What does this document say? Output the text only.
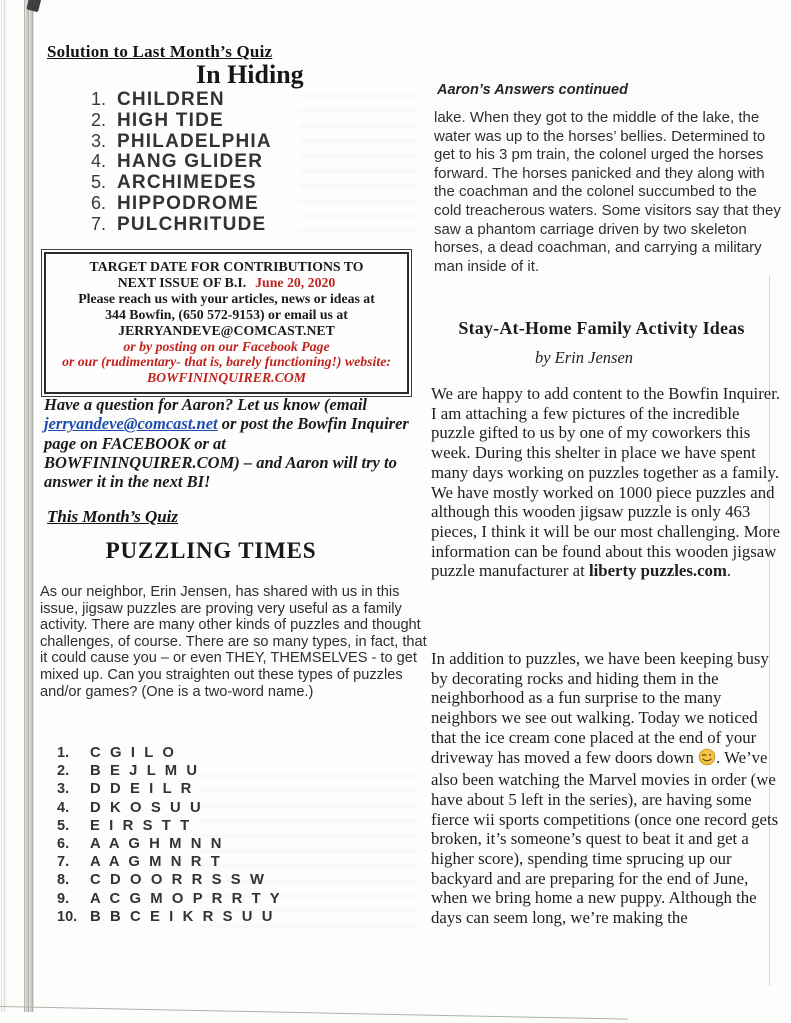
Solution to Last Month’s Quiz
In Hiding
1. CHILDREN
2. HIGH TIDE
3. PHILADELPHIA
4. HANG GLIDER
5. ARCHIMEDES
6. HIPPODROME
7. PULCHRITUDE
TARGET DATE FOR CONTRIBUTIONS TO
NEXT ISSUE OF B.I. June 20, 2020
Please reach us with your articles, news or ideas at
344 Bowfin, (650 572-9153) or email us at
JERRYANDEVE@COMCAST.NET
or by posting on our Facebook Page
or our (rudimentary- that is, barely functioning!) website:
BOWFININQUIRER.COM
Have a question for Aaron? Let us know (email jerryandeve@comcast.net or post the Bowfin Inquirer page on FACEBOOK or at BOWFININQUIRER.COM) – and Aaron will try to answer it in the next BI!
This Month’s Quiz
PUZZLING TIMES
As our neighbor, Erin Jensen, has shared with us in this issue, jigsaw puzzles are proving very useful as a family activity. There are many other kinds of puzzles and thought challenges, of course. There are so many types, in fact, that it could cause you – or even THEY, THEMSELVES - to get mixed up. Can you straighten out these types of puzzles and/or games? (One is a two-word name.)
1.	C G I L O
2.	B E J L M U
3.	D D E I L R
4.	D K O S U U
5.	E I R S T T
6.	A A G H M N N
7.	A A G M N R T
8.	C D O O R R S S W
9.	A C G M O P R R T Y
10. B B C E I K R S U U
Aaron’s Answers continued
lake. When they got to the middle of the lake, the water was up to the horses’ bellies. Determined to get to his 3 pm train, the colonel urged the horses forward. The horses panicked and they along with the coachman and the colonel succumbed to the cold treacherous waters. Some visitors say that they saw a phantom carriage driven by two skeleton horses, a dead coachman, and carrying a military man inside of it.
Stay-At-Home Family Activity Ideas
by Erin Jensen
We are happy to add content to the Bowfin Inquirer. I am attaching a few pictures of the incredible puzzle gifted to us by one of my coworkers this week. During this shelter in place we have spent many days working on puzzles together as a family. We have mostly worked on 1000 piece puzzles and although this wooden jigsaw puzzle is only 463 pieces, I think it will be our most challenging. More information can be found about this wooden jigsaw puzzle manufacturer at liberty puzzles.com.
In addition to puzzles, we have been keeping busy by decorating rocks and hiding them in the neighborhood as a fun surprise to the many neighbors we see out walking. Today we noticed that the ice cream cone placed at the end of your driveway has moved a few doors down . We’ve also been watching the Marvel movies in order (we have about 5 left in the series), are having some fierce wii sports competitions (once one record gets broken, it’s someone’s quest to beat it and get a higher score), spending time sprucing up our backyard and are preparing for the end of June, when we bring home a new puppy. Although the days can seem long, we’re making the
